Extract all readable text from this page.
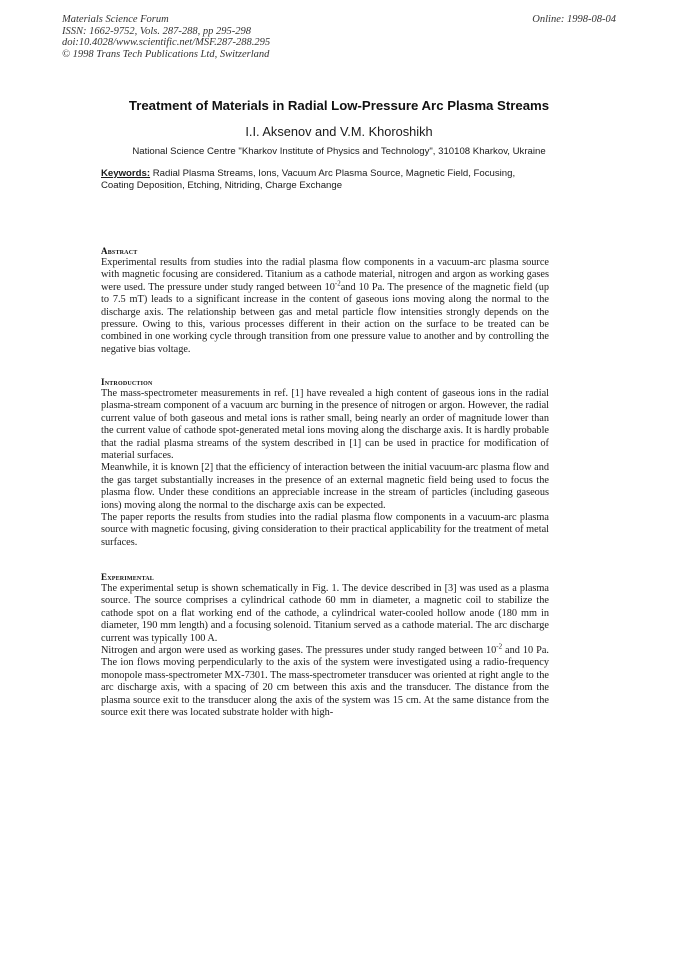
Materials Science Forum
ISSN: 1662-9752, Vols. 287-288, pp 295-298
doi:10.4028/www.scientific.net/MSF.287-288.295
© 1998 Trans Tech Publications Ltd, Switzerland
Online: 1998-08-04
Treatment of Materials in Radial Low-Pressure Arc Plasma Streams
I.I. Aksenov and V.M. Khoroshikh
National Science Centre "Kharkov Institute of Physics and Technology", 310108 Kharkov, Ukraine
Keywords: Radial Plasma Streams, Ions, Vacuum Arc Plasma Source, Magnetic Field, Focusing, Coating Deposition, Etching, Nitriding, Charge Exchange
Abstract

Experimental results from studies into the radial plasma flow components in a vacuum-arc plasma source with magnetic focusing are considered. Titanium as a cathode material, nitrogen and argon as working gases were used. The pressure under study ranged between $10^{-2}and$ 10 Pa. The presence of the magnetic field (up to 7.5 mT) leads to a significant increase in the content of gaseous ions moving along the normal to the discharge axis. The relationship between gas and metal particle flow intensities strongly depends on the pressure. Owing to this, various processes different in their action on the surface to be treated can be combined in one working cycle through transition from one pressure value to another and by controlling the negative bias voltage.

Introduction

The mass-spectrometer measurements in ref. [1] have revealed a high content of gaseous ions in the radial plasma-stream component of a vacuum arc burning in the presence of nitrogen or argon. However, the radial current value of both gaseous and metal ions is rather small, being nearly an order of magnitude lower than the current value of cathode spot-generated metal ions moving along the discharge axis. It is hardly probable that the radial plasma streams of the system described in [1] can be used in practice for modification of material surfaces.

Meanwhile, it is known [2] that the efficiency of interaction between the initial vacuum-arc plasma flow and the gas target substantially increases in the presence of an external magnetic field being used to focus the plasma flow. Under these conditions an appreciable increase in the stream of particles (including gaseous ions) moving along the normal to the discharge axis can be expected.

The paper reports the results from studies into the radial plasma flow components in a vacuum-arc plasma source with magnetic focusing, giving consideration to their practical applicability for the treatment of metal surfaces.

Experimental

The experimental setup is shown schematically in Fig. 1. The device described in [3] was used as a plasma source. The source comprises a cylindrical cathode 60 mm in diameter, a magnetic coil to stabilize the cathode spot on a flat working end of the cathode, a cylindrical water-cooled hollow anode (180 mm in diameter, 190 mm length) and a focusing solenoid. Titanium served as a cathode material. The arc discharge current was typically 100 A.

Nitrogen and argon were used as working gases. The pressures under study ranged between $10^{-2}$ and 10 Pa. The ion flows moving perpendicularly to the axis of the system were investigated using a radio-frequency monopole mass-spectrometer MX-7301. The mass-spectrometer transducer was oriented at right angle to the arc discharge axis, with a spacing of 20 cm between this axis and the transducer. The distance from the plasma source exit to the transducer along the axis of the system was 15 cm. At the same distance from the source exit there was located substrate holder with high-
